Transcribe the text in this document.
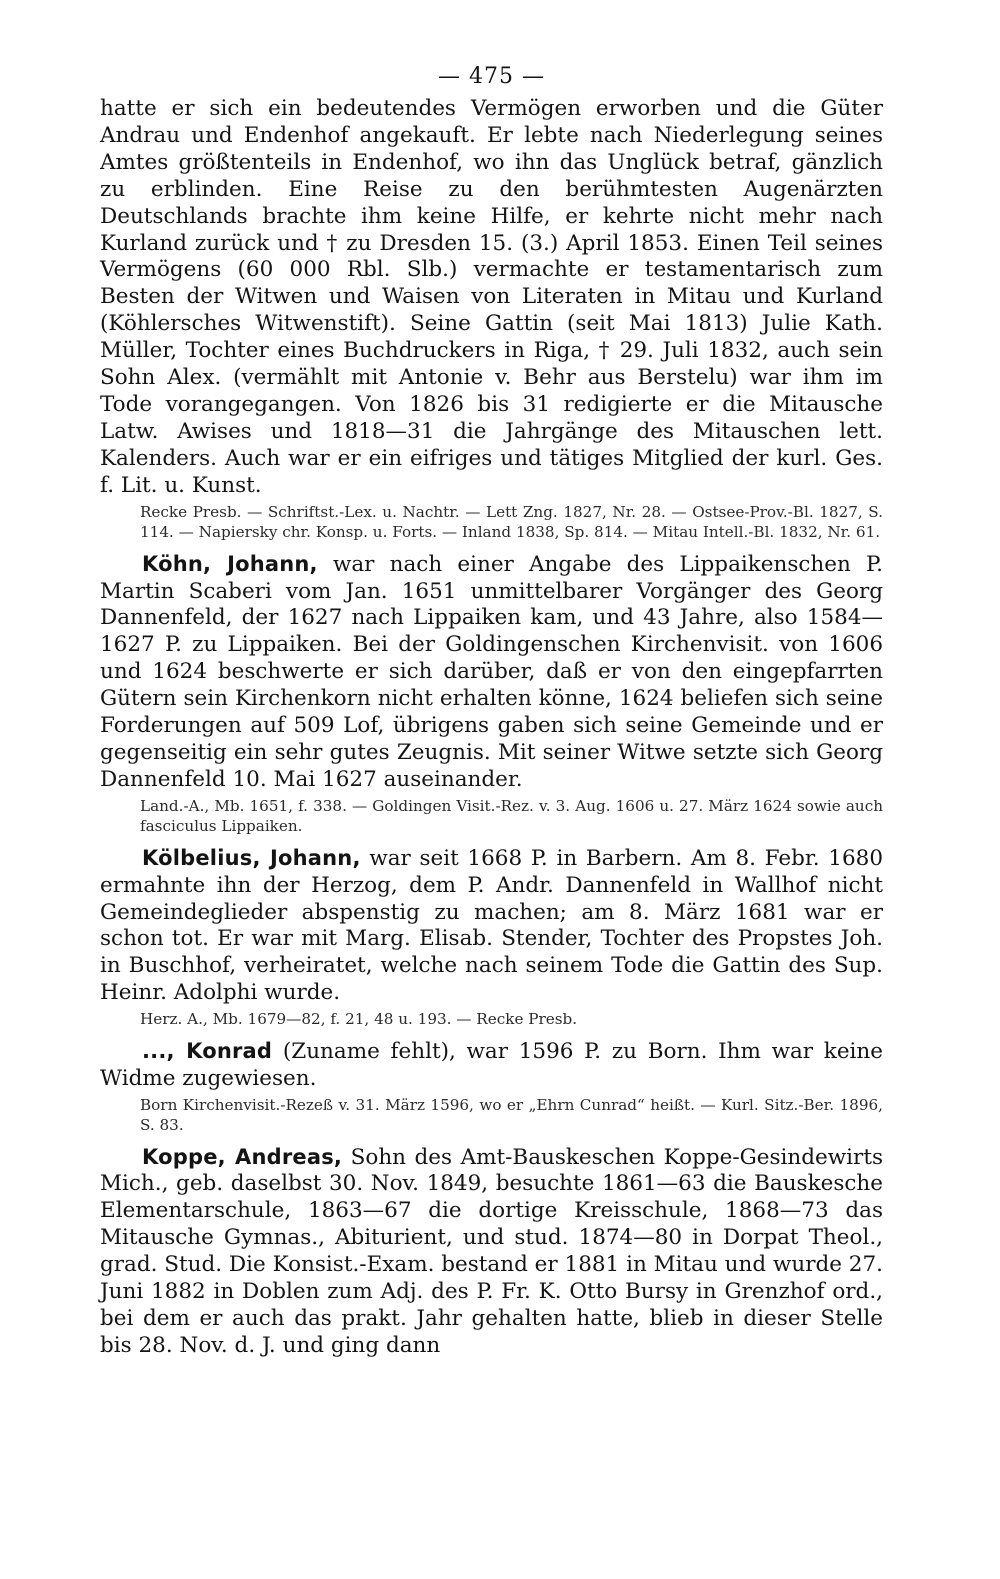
— 475 —

hatte er sich ein bedeutendes Vermögen erworben und die Güter Andrau und Endenhof angekauft. Er lebte nach Niederlegung seines Amtes größtenteils in Endenhof, wo ihn das Unglück betraf, gänzlich zu erblinden. Eine Reise zu den berühmtesten Augenärzten Deutschlands brachte ihm keine Hilfe, er kehrte nicht mehr nach Kurland zurück und † zu Dresden 15. (3.) April 1853. Einen Teil seines Vermögens (60 000 Rbl. Slb.) vermachte er testamentarisch zum Besten der Witwen und Waisen von Literaten in Mitau und Kurland (Köhlersches Witwenstift). Seine Gattin (seit Mai 1813) Julie Kath. Müller, Tochter eines Buchdruckers in Riga, † 29. Juli 1832, auch sein Sohn Alex. (vermählt mit Antonie v. Behr aus Berstelu) war ihm im Tode vorangegangen. Von 1826 bis 31 redigierte er die Mitausche Latw. Awises und 1818—31 die Jahrgänge des Mitauschen lett. Kalenders. Auch war er ein eifriges und tätiges Mitglied der kurl. Ges. f. Lit. u. Kunst.

Recke Presb. — Schriftst.-Lex. u. Nachtr. — Lett Zng. 1827, Nr. 28. — Ostsee-Prov.-Bl. 1827, S. 114. — Napiersky chr. Konsp. u. Forts. — Inland 1838, Sp. 814. — Mitau Intell.-Bl. 1832, Nr. 61.

Köhn, Johann, war nach einer Angabe des Lippaikenschen P. Martin Scaberi vom Jan. 1651 unmittelbarer Vorgänger des Georg Dannenfeld, der 1627 nach Lippaiken kam, und 43 Jahre, also 1584—1627 P. zu Lippaiken. Bei der Goldingenschen Kirchenvisit. von 1606 und 1624 beschwerte er sich darüber, daß er von den eingepfarrten Gütern sein Kirchenkorn nicht erhalten könne, 1624 beliefen sich seine Forderungen auf 509 Lof, übrigens gaben sich seine Gemeinde und er gegenseitig ein sehr gutes Zeugnis. Mit seiner Witwe setzte sich Georg Dannenfeld 10. Mai 1627 auseinander.

Land.-A., Mb. 1651, f. 338. — Goldingen Visit.-Rez. v. 3. Aug. 1606 u. 27. März 1624 sowie auch fasciculus Lippaiken.

Kölbelius, Johann, war seit 1668 P. in Barbern. Am 8. Febr. 1680 ermahnte ihn der Herzog, dem P. Andr. Dannenfeld in Wallhof nicht Gemeindeglieder abspenstig zu machen; am 8. März 1681 war er schon tot. Er war mit Marg. Elisab. Stender, Tochter des Propstes Joh. in Buschhof, verheiratet, welche nach seinem Tode die Gattin des Sup. Heinr. Adolphi wurde.

Herz. A., Mb. 1679—82, f. 21, 48 u. 193. — Recke Presb.

..., Konrad (Zuname fehlt), war 1596 P. zu Born. Ihm war keine Widme zugewiesen.

Born Kirchenvisit.-Rezeß v. 31. März 1596, wo er „Ehrn Cunrad“ heißt. — Kurl. Sitz.-Ber. 1896, S. 83.

Koppe, Andreas, Sohn des Amt-Bauskeschen Koppe-Gesindewirts Mich., geb. daselbst 30. Nov. 1849, besuchte 1861—63 die Bauskesche Elementarschule, 1863—67 die dortige Kreisschule, 1868—73 das Mitausche Gymnas., Abiturient, und stud. 1874—80 in Dorpat Theol., grad. Stud. Die Konsist.-Exam. bestand er 1881 in Mitau und wurde 27. Juni 1882 in Doblen zum Adj. des P. Fr. K. Otto Bursy in Grenzhof ord., bei dem er auch das prakt. Jahr gehalten hatte, blieb in dieser Stelle bis 28. Nov. d. J. und ging dann
